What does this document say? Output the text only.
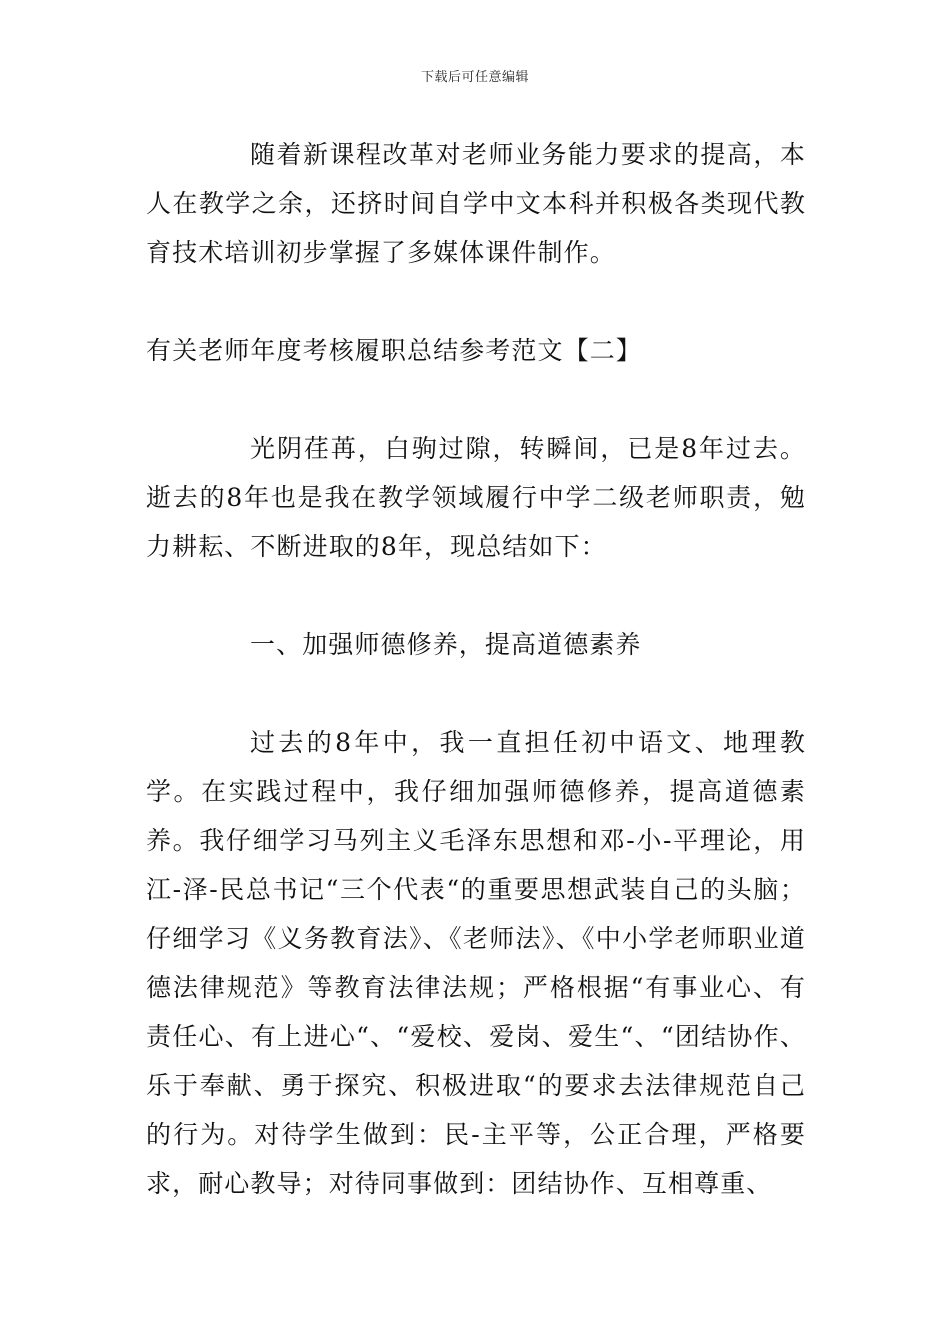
下载后可任意编辑

随着新课程改革对老师业务能力要求的提高，本人在教学之余，还挤时间自学中文本科并积极各类现代教育技术培训初步掌握了多媒体课件制作。

有关老师年度考核履职总结参考范文【二】

光阴荏苒，白驹过隙，转瞬间，已是8年过去。逝去的8年也是我在教学领域履行中学二级老师职责，勉力耕耘、不断进取的8年，现总结如下：

一、加强师德修养，提高道德素养

过去的8年中，我一直担任初中语文、地理教学。在实践过程中，我仔细加强师德修养，提高道德素养。我仔细学习马列主义毛泽东思想和邓-小-平理论，用江-泽-民总书记“三个代表“的重要思想武装自己的头脑；仔细学习《义务教育法》、《老师法》、《中小学老师职业道德法律规范》等教育法律法规；严格根据“有事业心、有责任心、有上进心“、“爱校、爱岗、爱生“、“团结协作、乐于奉献、勇于探究、积极进取“的要求去法律规范自己的行为。对待学生做到：民-主平等，公正合理，严格要求，耐心教导；对待同事做到：团结协作、互相尊重、
